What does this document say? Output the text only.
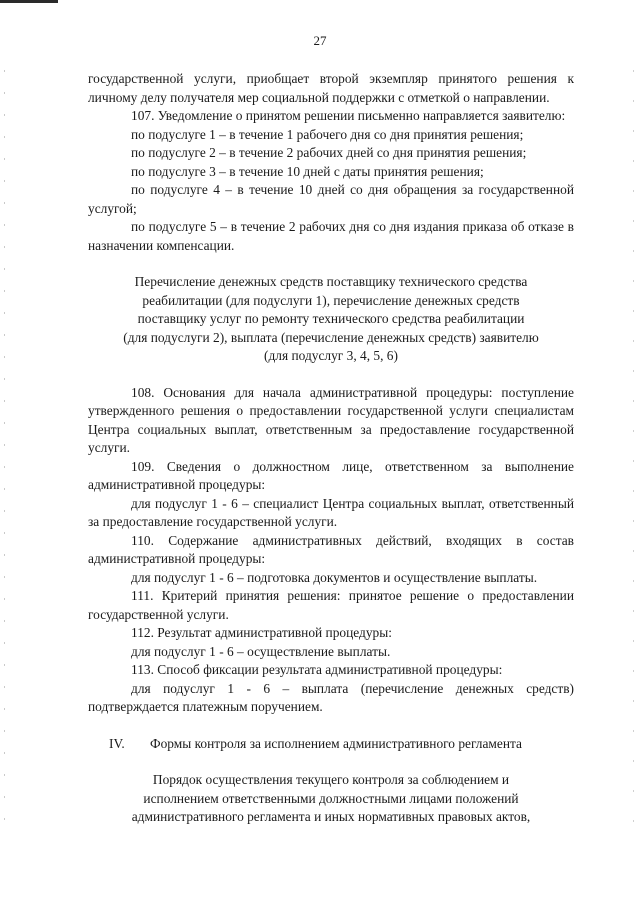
27

государственной услуги, приобщает второй экземпляр принятого решения к личному делу получателя мер социальной поддержки с отметкой о направлении.

107. Уведомление о принятом решении письменно направляется заявителю:

по подуслуге 1 – в течение 1 рабочего дня со дня принятия решения;

по подуслуге 2 – в течение 2 рабочих дней со дня принятия решения;

по подуслуге 3 – в течение 10 дней с даты принятия решения;

по подуслуге 4 – в течение 10 дней со дня обращения за государственной услугой;

по подуслуге 5 – в течение 2 рабочих дня со дня издания приказа об отказе в назначении компенсации.

Перечисление денежных средств поставщику технического средства
реабилитации (для подуслуги 1), перечисление денежных средств
поставщику услуг по ремонту технического средства реабилитации
(для подуслуги 2), выплата (перечисление денежных средств) заявителю
(для подуслуг 3, 4, 5, 6)

108. Основания для начала административной процедуры: поступление утвержденного решения о предоставлении государственной услуги специалистам Центра социальных выплат, ответственным за предоставление государственной услуги.

109. Сведения о должностном лице, ответственном за выполнение административной процедуры:

для подуслуг 1 - 6 – специалист Центра социальных выплат, ответственный за предоставление государственной услуги.

110. Содержание административных действий, входящих в состав административной процедуры:

для подуслуг 1 - 6 – подготовка документов и осуществление выплаты.

111. Критерий принятия решения: принятое решение о предоставлении государственной услуги.

112. Результат административной процедуры:

для подуслуг 1 - 6 – осуществление выплаты.

113. Способ фиксации результата административной процедуры:

для подуслуг 1 - 6 – выплата (перечисление денежных средств) подтверждается платежным поручением.

IV.	Формы контроля за исполнением административного регламента
Порядок осуществления текущего контроля за соблюдением и
исполнением ответственными должностными лицами положений
административного регламента и иных нормативных правовых актов,
